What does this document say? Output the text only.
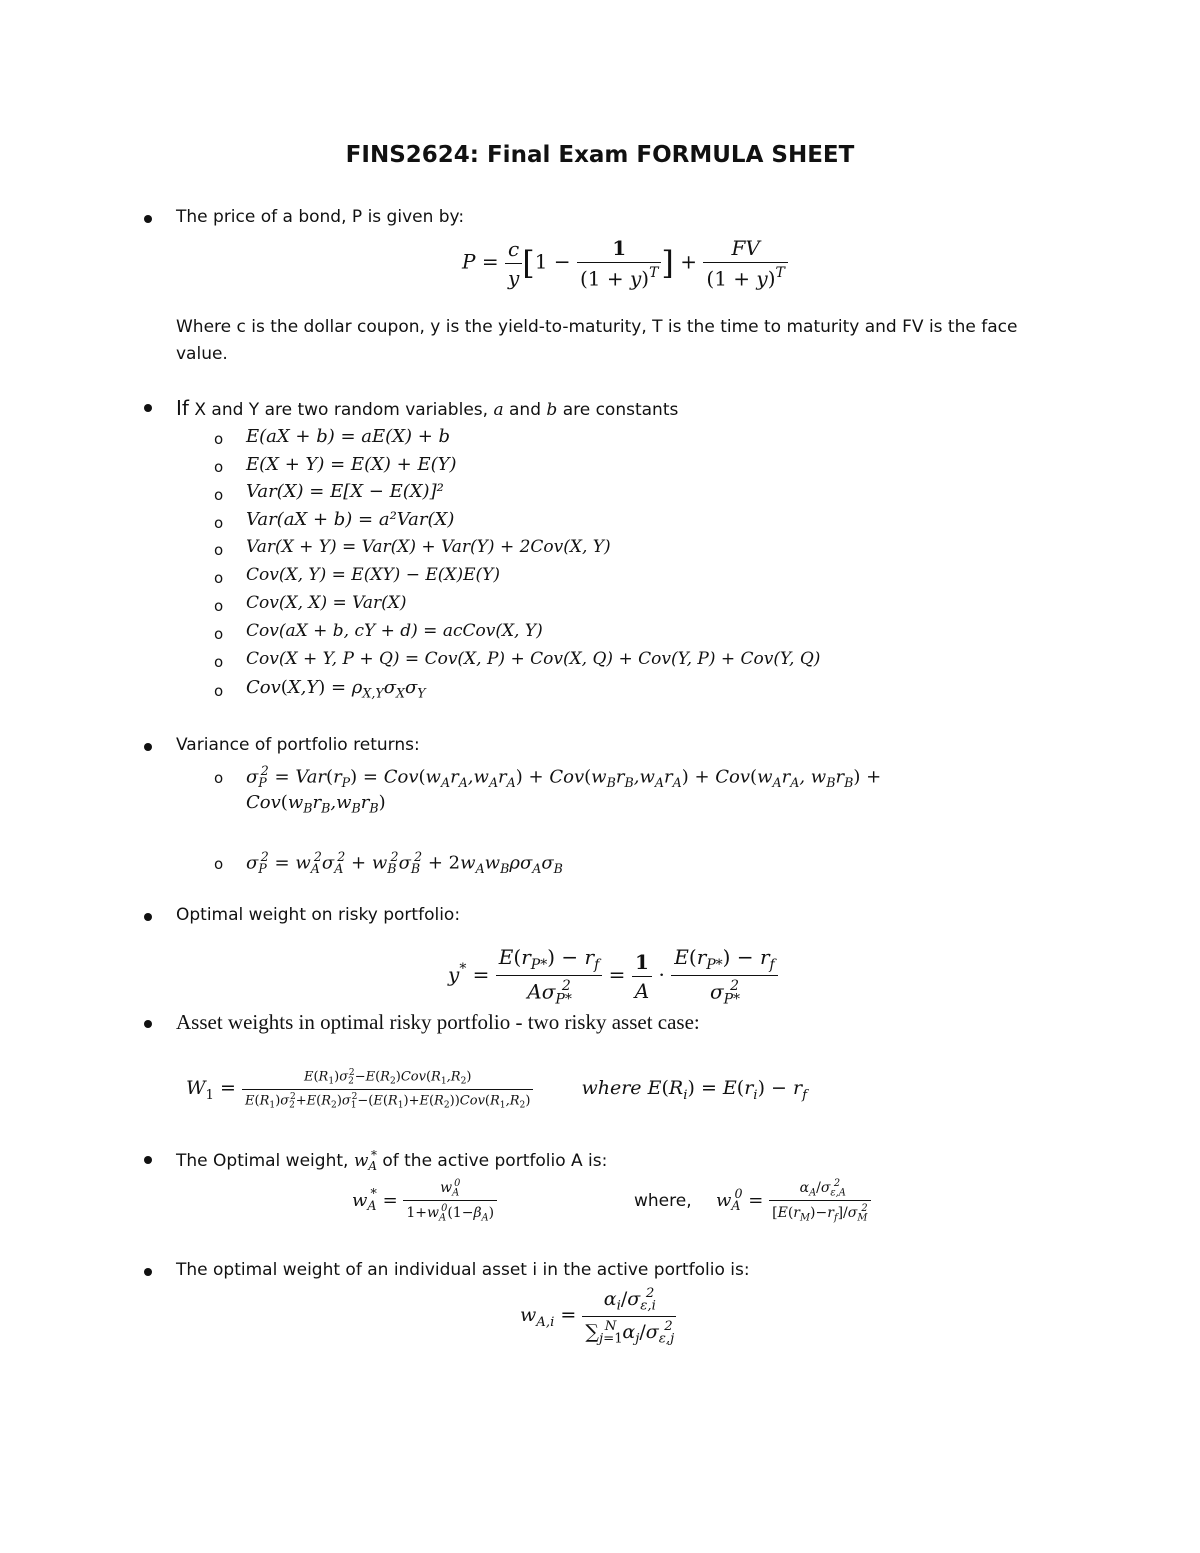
FINS2624: Final Exam FORMULA SHEET
The price of a bond, P is given by:
$P = \frac{c}{y} [1 - \frac{1}{(1 + y)^T}$ ] + $\frac{FV}{(1 + y)^T}$
Where c is the dollar coupon, y is the yield-to-maturity, T is the time to maturity and FV is the face
value.
If X and Y are two random variables, a and b are constants
o E(aX + b) = aE(X) + b
o E(X + Y) = E(X) + E(Y)
o Var(X) = E[X − E(X)]²
o Var(aX + b) = a²Var(X)
o Var(X + Y) = Var(X) + Var(Y) + 2Cov(X, Y)
o Cov(X, Y) = E(XY) − E(X)E(Y)
o Cov(X, X) = Var(X)
o Cov(aX + b, cY + d) = acCov(X, Y)
o Cov(X + Y, P + Q) = Cov(X, P) + Cov(X, Q) + Cov(Y, P) + Cov(Y, Q)
o $Cov(X,Y) = \rho_{X,Y}\sigma_X\sigma_Y$
Variance of portfolio returns:
o $\sigma_P^2 = Var(r_P) = Cov(w_Ar_A,w_Ar_A) + Cov(w_Br_B,w_Ar_A) + Cov(w_Ar_A$, $w_Br_B$) +
$Cov(w_Br_B,w_Br_B)$
o $\sigma_P^2 = w_A^2\sigma_A^2 + w_B^2\sigma_B^2 + 2w_Aw_B\rho\sigma_A\sigma_B$
Optimal weight on risky portfolio:
$y^* = \frac{E(r_{P*}) - r_f}{A\sigma_{P*}^2} = \frac{1}{A} \cdot \frac{E(r_{P*}) - r_f}{\sigma_{P*}^2}$
Asset weights in optimal risky portfolio - two risky asset case:
$W_1 = \frac{E(R_1)\sigma_2^2-E(R_2)Cov(R_1,R_2)}{E(R_1)\sigma_2^2+E(R_2)\sigma_1^2-(E(R_1)+E(R_2))Cov(R_1,R_2)}$ where $E(R_i) = E(r_i) - r_f$
The Optimal weight, $w_A^*$ of the active portfolio A is:
$w_A^* = \frac{w_A^0}{1+w_A^0(1-\beta_A)}$	where, $w_A^0 = \frac{\alpha_A/\sigma_{\varepsilon,A}^2}{[E(r_M)-r_f]/\sigma_M^2}$
The optimal weight of an individual asset i in the active portfolio is:
$w_{A,i} = \frac{\alpha_i/\sigma_{\varepsilon,i}^2}{\sum_{j=1}^N \alpha_j/\sigma_{\varepsilon,j}^2}$
